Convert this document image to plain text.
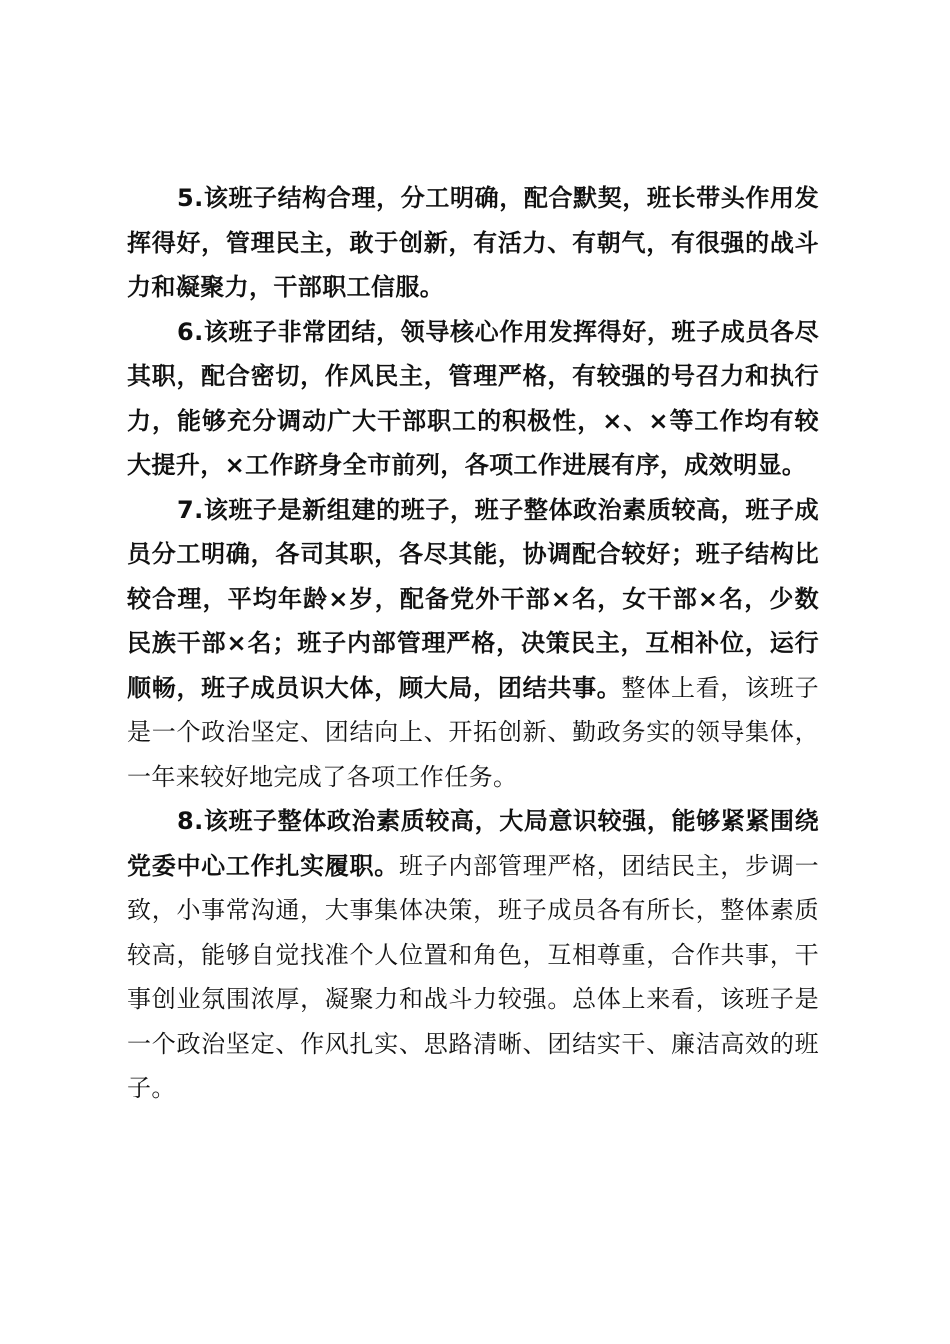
5.该班子结构合理，分工明确，配合默契，班长带头作用发挥得好，管理民主，敢于创新，有活力、有朝气，有很强的战斗力和凝聚力，干部职工信服。

6.该班子非常团结，领导核心作用发挥得好，班子成员各尽其职，配合密切，作风民主，管理严格，有较强的号召力和执行力，能够充分调动广大干部职工的积极性，×、×等工作均有较大提升，×工作跻身全市前列，各项工作进展有序，成效明显。

7.该班子是新组建的班子，班子整体政治素质较高，班子成员分工明确，各司其职，各尽其能，协调配合较好；班子结构比较合理，平均年龄×岁，配备党外干部×名，女干部×名，少数民族干部×名；班子内部管理严格，决策民主，互相补位，运行顺畅，班子成员识大体，顾大局，团结共事。整体上看，该班子是一个政治坚定、团结向上、开拓创新、勤政务实的领导集体，一年来较好地完成了各项工作任务。

8.该班子整体政治素质较高，大局意识较强，能够紧紧围绕党委中心工作扎实履职。班子内部管理严格，团结民主，步调一致，小事常沟通，大事集体决策，班子成员各有所长，整体素质较高，能够自觉找准个人位置和角色，互相尊重，合作共事，干事创业氛围浓厚，凝聚力和战斗力较强。总体上来看，该班子是一个政治坚定、作风扎实、思路清晰、团结实干、廉洁高效的班子。
